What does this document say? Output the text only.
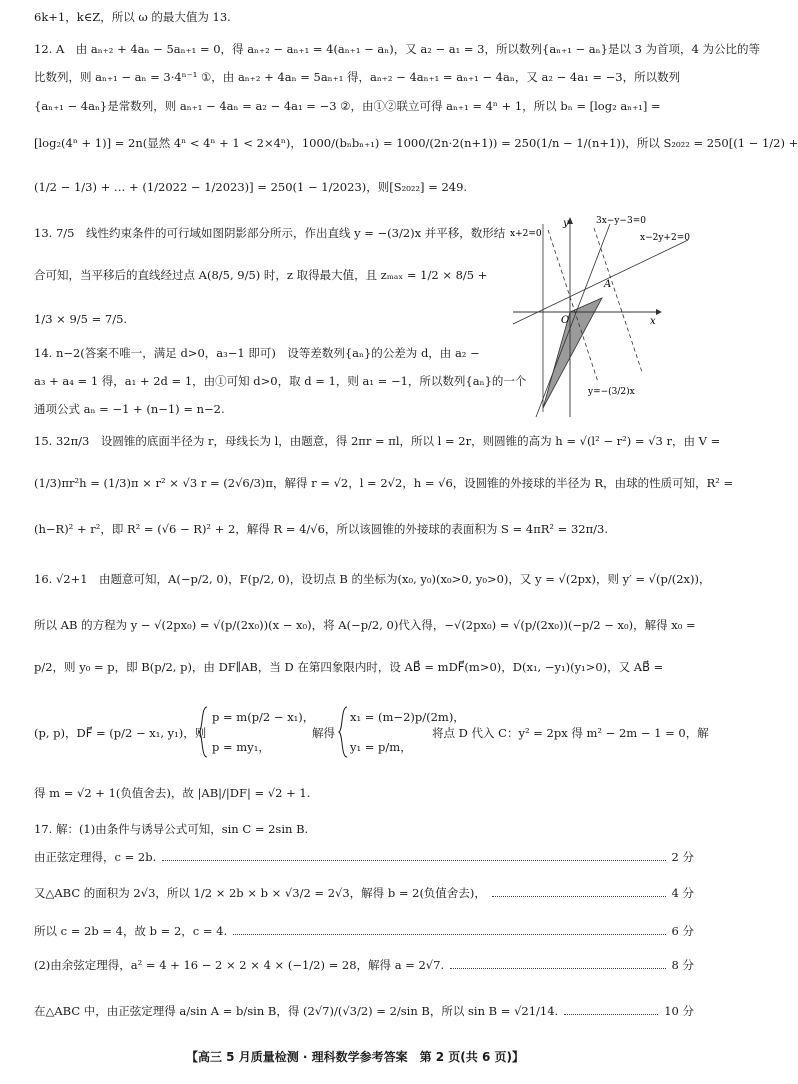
6k+1，k∈Z，所以 ω 的最大值为 13.
12. A　由 aₙ₊₂ + 4aₙ − 5aₙ₊₁ = 0，得 aₙ₊₂ − aₙ₊₁ = 4(aₙ₊₁ − aₙ)，又 a₂ − a₁ = 3，所以数列{aₙ₊₁ − aₙ}是以 3 为首项，4 为公比的等
比数列，则 aₙ₊₁ − aₙ = 3·4ⁿ⁻¹ ①，由 aₙ₊₂ + 4aₙ = 5aₙ₊₁ 得，aₙ₊₂ − 4aₙ₊₁ = aₙ₊₁ − 4aₙ，又 a₂ − 4a₁ = −3，所以数列
{aₙ₊₁ − 4aₙ}是常数列，则 aₙ₊₁ − 4aₙ = a₂ − 4a₁ = −3 ②，由①②联立可得 aₙ₊₁ = 4ⁿ + 1，所以 bₙ = [log₂ aₙ₊₁] =
[log₂(4ⁿ + 1)] = 2n(显然 4ⁿ < 4ⁿ + 1 < 2×4ⁿ)，1000/(bₙbₙ₊₁) = 1000/(2n·2(n+1)) = 250(1/n − 1/(n+1))，所以 S₂₀₂₂ = 250[(1 − 1/2) +
(1/2 − 1/3) + … + (1/2022 − 1/2023)] = 250(1 − 1/2023)，则[S₂₀₂₂] = 249.
13. 7/5　线性约束条件的可行域如图阴影部分所示，作出直线 y = −(3/2)x 并平移，数形结
合可知，当平移后的直线经过点 A(8/5, 9/5) 时，z 取得最大值，且 zₘₐₓ = 1/2 × 8/5 +
1/3 × 9/5 = 7/5.
14. n−2(答案不唯一，满足 d>0，a₃−1 即可)　设等差数列{aₙ}的公差为 d，由 a₂ −
a₃ + a₄ = 1 得，a₁ + 2d = 1，由①可知 d>0，取 d = 1，则 a₁ = −1，所以数列{aₙ}的一个
通项公式 aₙ = −1 + (n−1) = n−2.
x
y
O
A
x+2=0
3x−y−3=0
x−2y+2=0
y=−(3/2)x
15. 32π/3　设圆锥的底面半径为 r，母线长为 l，由题意，得 2πr = πl，所以 l = 2r，则圆锥的高为 h = √(l² − r²) = √3 r，由 V =
(1/3)πr²h = (1/3)π × r² × √3 r = (2√6/3)π，解得 r = √2，l = 2√2，h = √6，设圆锥的外接球的半径为 R，由球的性质可知，R² =
(h−R)² + r²，即 R² = (√6 − R)² + 2，解得 R = 4/√6，所以该圆锥的外接球的表面积为 S = 4πR² = 32π/3.
16. √2+1　由题意可知，A(−p/2, 0)，F(p/2, 0)，设切点 B 的坐标为(x₀, y₀)(x₀>0, y₀>0)，又 y = √(2px)，则 y′ = √(p/(2x))，
所以 AB 的方程为 y − √(2px₀) = √(p/(2x₀))(x − x₀)，将 A(−p/2, 0)代入得，−√(2px₀) = √(p/(2x₀))(−p/2 − x₀)，解得 x₀ =
p/2，则 y₀ = p，即 B(p/2, p)，由 DF∥AB，当 D 在第四象限内时，设 AB⃗ = mDF⃗(m>0)，D(x₁, −y₁)(y₁>0)，又 AB⃗ =
(p, p)，DF⃗ = (p/2 − x₁, y₁)，则
p = m(p/2 − x₁)，
p = my₁，
解得
x₁ = (m−2)p/(2m)，
y₁ = p/m，
将点 D 代入 C：y² = 2px 得 m² − 2m − 1 = 0，解
得 m = √2 + 1(负值舍去)，故 |AB|/|DF| = √2 + 1.
17. 解：(1)由条件与诱导公式可知，sin C = 2sin B.
由正弦定理得，c = 2b.	2 分
又△ABC 的面积为 2√3，所以 1/2 × 2b × b × √3/2 = 2√3，解得 b = 2(负值舍去)，	4 分
所以 c = 2b = 4，故 b = 2，c = 4.	6 分
(2)由余弦定理得，a² = 4 + 16 − 2 × 2 × 4 × (−1/2) = 28，解得 a = 2√7.	8 分
在△ABC 中，由正弦定理得 a/sin A = b/sin B，得 (2√7)/(√3/2) = 2/sin B，所以 sin B = √21/14.	10 分
【高三 5 月质量检测 · 理科数学参考答案　第 2 页(共 6 页)】
